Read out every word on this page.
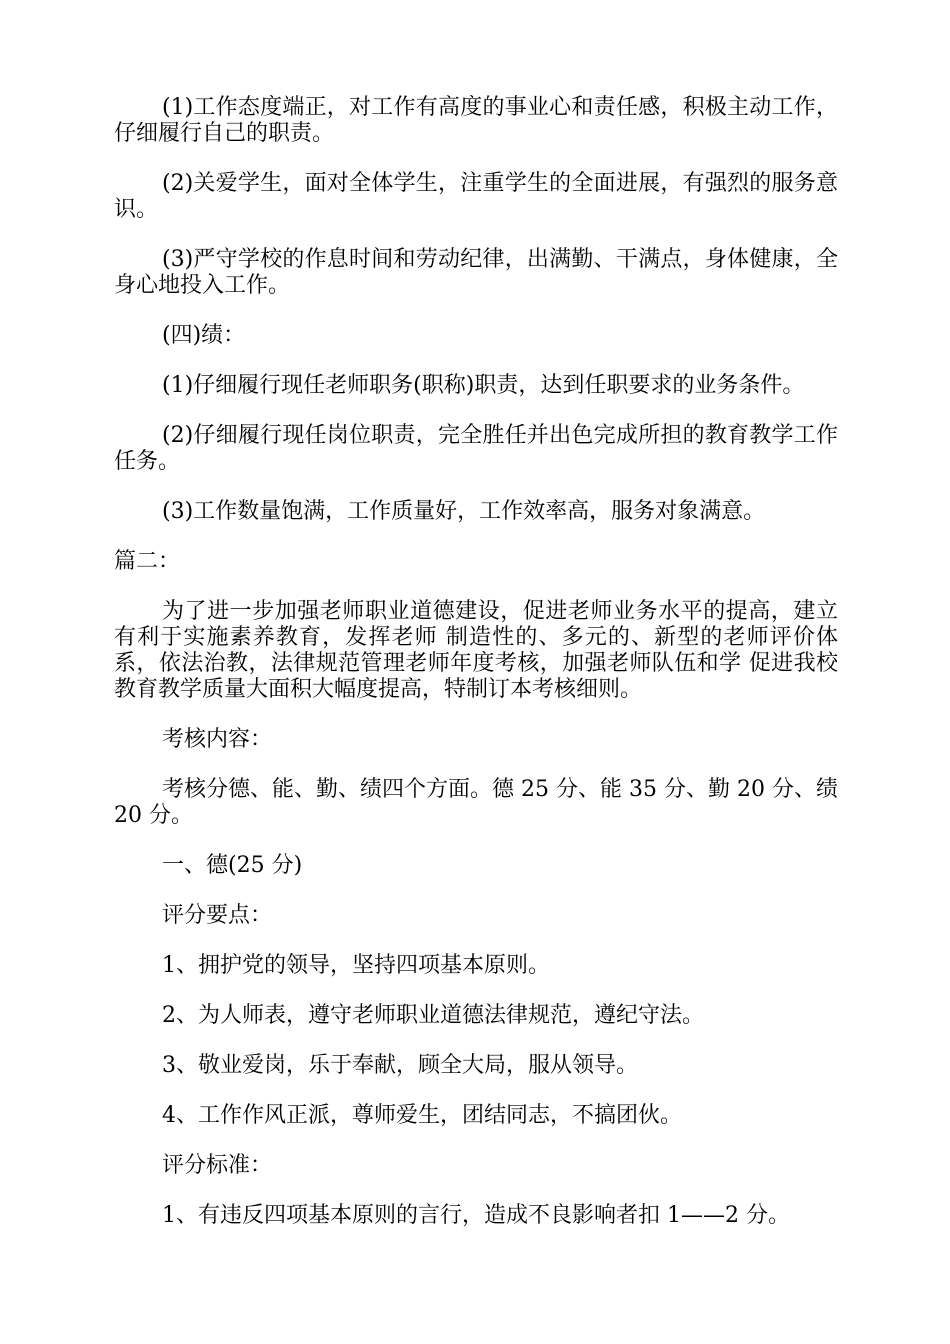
(1)工作态度端正，对工作有高度的事业心和责任感，积极主动工作，仔细履行自己的职责。

(2)关爱学生，面对全体学生，注重学生的全面进展，有强烈的服务意识。

(3)严守学校的作息时间和劳动纪律，出满勤、干满点，身体健康，全身心地投入工作。

(四)绩：

(1)仔细履行现任老师职务(职称)职责，达到任职要求的业务条件。

(2)仔细履行现任岗位职责，完全胜任并出色完成所担的教育教学工作任务。

(3)工作数量饱满，工作质量好，工作效率高，服务对象满意。

篇二：

为了进一步加强老师职业道德建设，促进老师业务水平的提高，建立有利于实施素养教育，发挥老师 制造性的、多元的、新型的老师评价体系，依法治教，法律规范管理老师年度考核，加强老师队伍和学 促进我校教育教学质量大面积大幅度提高，特制订本考核细则。

考核内容：

考核分德、能、勤、绩四个方面。德 25 分、能 35 分、勤 20 分、绩 20 分。

一、德(25 分)

评分要点：

1、拥护党的领导，坚持四项基本原则。

2、为人师表，遵守老师职业道德法律规范，遵纪守法。

3、敬业爱岗，乐于奉献，顾全大局，服从领导。

4、工作作风正派，尊师爱生，团结同志，不搞团伙。

评分标准：

1、有违反四项基本原则的言行，造成不良影响者扣 1——2 分。
